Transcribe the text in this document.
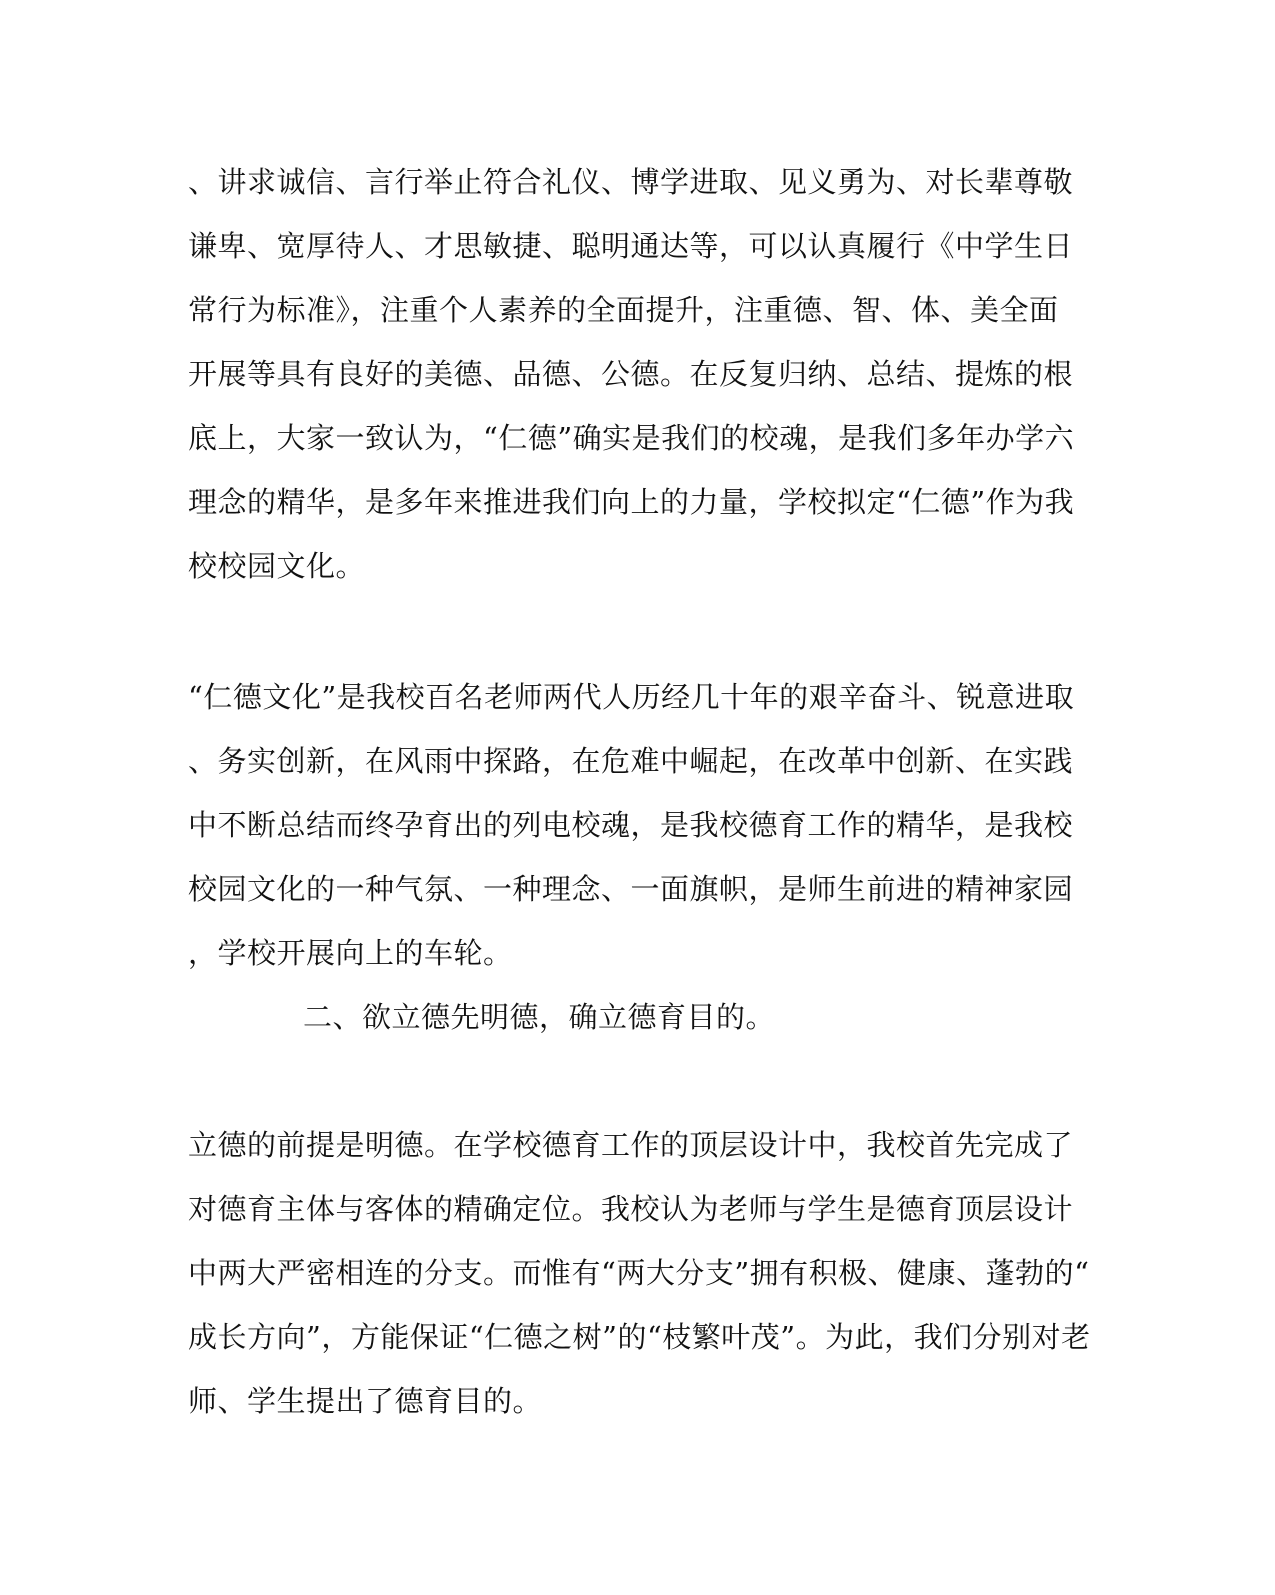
、讲求诚信、言行举止符合礼仪、博学进取、见义勇为、对长辈尊敬
谦卑、宽厚待人、才思敏捷、聪明通达等，可以认真履行《中学生日
常行为标准》，注重个人素养的全面提升，注重德、智、体、美全面
开展等具有良好的美德、品德、公德。在反复归纳、总结、提炼的根
底上，大家一致认为，“仁德”确实是我们的校魂，是我们多年办学六
理念的精华，是多年来推进我们向上的力量，学校拟定“仁德”作为我
校校园文化。
“仁德文化”是我校百名老师两代人历经几十年的艰辛奋斗、锐意进取
、务实创新，在风雨中探路，在危难中崛起，在改革中创新、在实践
中不断总结而终孕育出的列电校魂，是我校德育工作的精华，是我校
校园文化的一种气氛、一种理念、一面旗帜，是师生前进的精神家园
，学校开展向上的车轮。
二、欲立德先明德，确立德育目的。
立德的前提是明德。在学校德育工作的顶层设计中，我校首先完成了
对德育主体与客体的精确定位。我校认为老师与学生是德育顶层设计
中两大严密相连的分支。而惟有“两大分支”拥有积极、健康、蓬勃的“
成长方向”，方能保证“仁德之树”的“枝繁叶茂”。为此，我们分别对老
师、学生提出了德育目的。
